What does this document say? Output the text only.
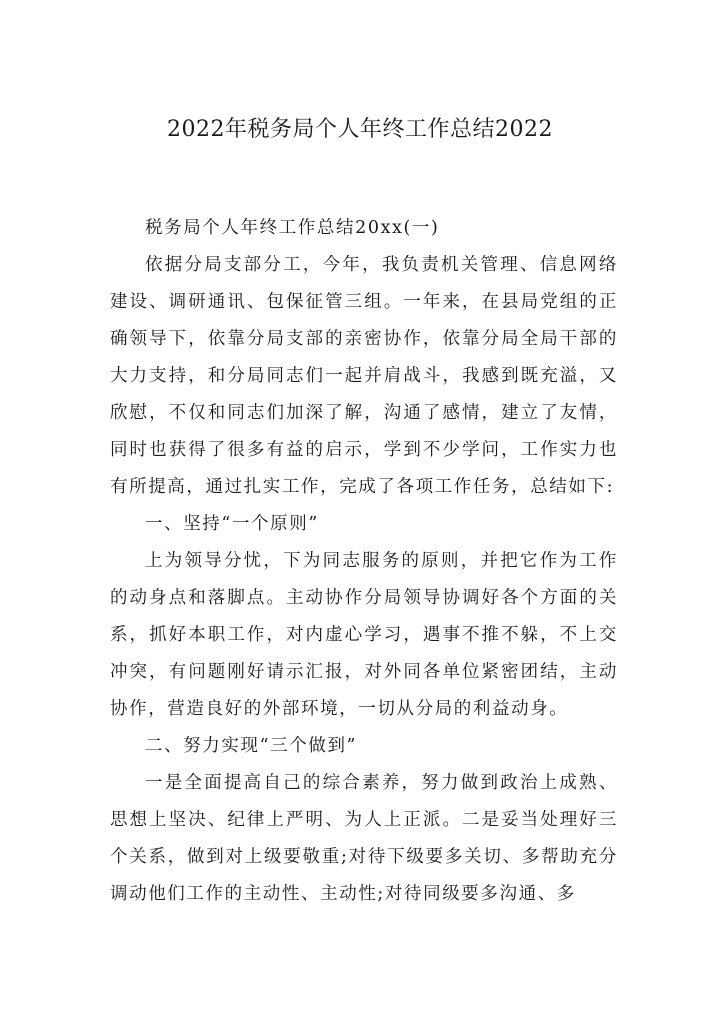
2022年税务局个人年终工作总结2022

税务局个人年终工作总结20xx(一)

依据分局支部分工，今年，我负责机关管理、信息网络建设、调研通讯、包保征管三组。一年来，在县局党组的正确领导下，依靠分局支部的亲密协作，依靠分局全局干部的大力支持，和分局同志们一起并肩战斗，我感到既充溢，又欣慰，不仅和同志们加深了解，沟通了感情，建立了友情，同时也获得了很多有益的启示，学到不少学问，工作实力也有所提高，通过扎实工作，完成了各项工作任务，总结如下:

一、坚持“一个原则”

上为领导分忧，下为同志服务的原则，并把它作为工作的动身点和落脚点。主动协作分局领导协调好各个方面的关系，抓好本职工作，对内虚心学习，遇事不推不躲，不上交冲突，有问题刚好请示汇报，对外同各单位紧密团结，主动协作，营造良好的外部环境，一切从分局的利益动身。

二、努力实现“三个做到”

一是全面提高自己的综合素养，努力做到政治上成熟、思想上坚决、纪律上严明、为人上正派。二是妥当处理好三个关系，做到对上级要敬重;对待下级要多关切、多帮助充分调动他们工作的主动性、主动性;对待同级要多沟通、多
